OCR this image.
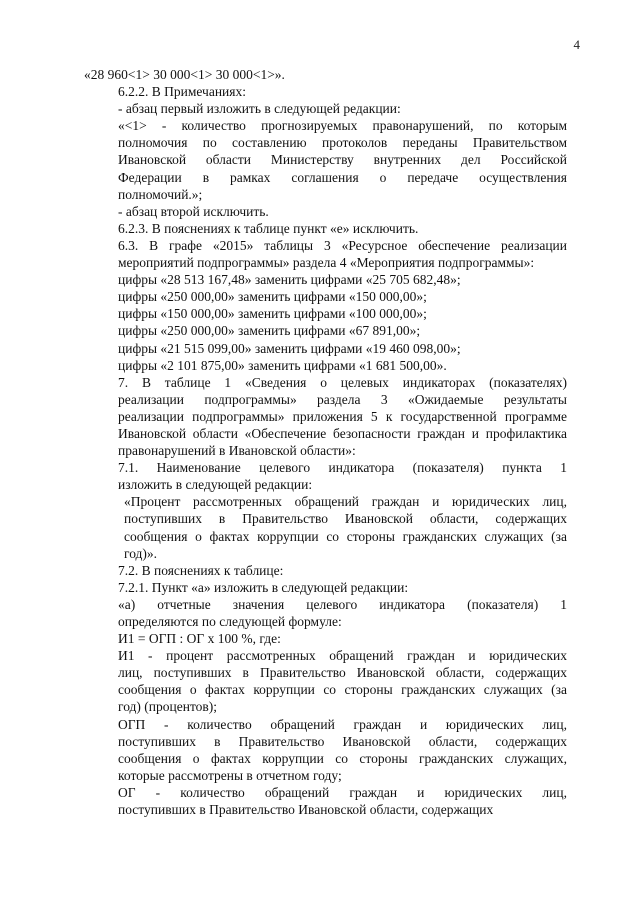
4

«28 960<1> 30 000<1> 30 000<1>».

6.2.2. В Примечаниях:

- абзац первый изложить в следующей редакции:

«<1> - количество прогнозируемых правонарушений, по которым
полномочия по составлению протоколов переданы Правительством
Ивановской области Министерству внутренних дел Российской
Федерации в рамках соглашения о передаче осуществления
полномочий.»;

- абзац второй исключить.

6.2.3. В пояснениях к таблице пункт «е» исключить.

6.3. В графе «2015» таблицы 3 «Ресурсное обеспечение реализации
мероприятий подпрограммы» раздела 4 «Мероприятия подпрограммы»:

цифры «28 513 167,48» заменить цифрами «25 705 682,48»;

цифры «250 000,00» заменить цифрами «150 000,00»;

цифры «150 000,00» заменить цифрами «100 000,00»;

цифры «250 000,00» заменить цифрами «67 891,00»;

цифры «21 515 099,00» заменить цифрами «19 460 098,00»;

цифры «2 101 875,00» заменить цифрами «1 681 500,00».

7. В таблице 1 «Сведения о целевых индикаторах (показателях)
реализации подпрограммы» раздела 3 «Ожидаемые результаты
реализации подпрограммы» приложения 5 к государственной программе
Ивановской области «Обеспечение безопасности граждан и профилактика
правонарушений в Ивановской области»:

7.1. Наименование целевого индикатора (показателя) пункта 1
изложить в следующей редакции:

«Процент рассмотренных обращений граждан и юридических лиц,
поступивших в Правительство Ивановской области, содержащих
сообщения о фактах коррупции со стороны гражданских служащих (за
год)».

7.2. В пояснениях к таблице:

7.2.1. Пункт «а» изложить в следующей редакции:

«а) отчетные значения целевого индикатора (показателя) 1
определяются по следующей формуле:

И1 = ОГП : ОГ х 100 %, где:

И1 - процент рассмотренных обращений граждан и юридических
лиц, поступивших в Правительство Ивановской области, содержащих
сообщения о фактах коррупции со стороны гражданских служащих (за
год) (процентов);

ОГП - количество обращений граждан и юридических лиц,
поступивших в Правительство Ивановской области, содержащих
сообщения о фактах коррупции со стороны гражданских служащих,
которые рассмотрены в отчетном году;

ОГ - количество обращений граждан и юридических лиц,
поступивших в Правительство Ивановской области, содержащих
